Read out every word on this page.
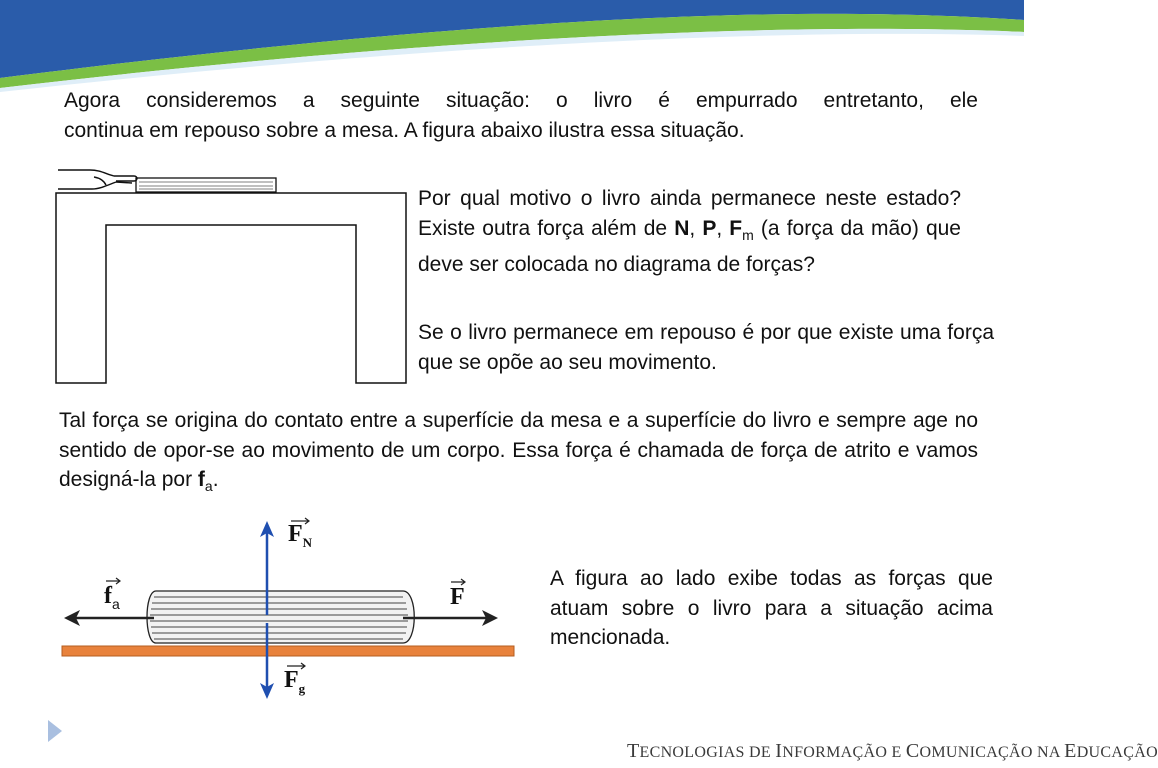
Agora consideremos a seguinte situação: o livro é empurrado entretanto, ele
continua em repouso sobre a mesa. A figura abaixo ilustra essa situação.
Por qual motivo o livro ainda permanece neste estado? Existe outra força além de N, P, $F_m$ (a força da mão) que deve ser colocada no diagrama de forças?
Se o livro permanece em repouso é por que existe uma força que se opõe ao seu movimento.
Tal força se origina do contato entre a superfície da mesa e a superfície do livro e sempre age no sentido de opor-se ao movimento de um corpo. Essa força é chamada de força de atrito e vamos designá-la por $f_a$.
$F_N$
$f_a$	F
$F_g$
A figura ao lado exibe todas as forças que atuam sobre o livro para a situação acima mencionada.
TECNOLOGIAS DE INFORMAÇÃO E COMUNICAÇÃO NA EDUCAÇÃO
